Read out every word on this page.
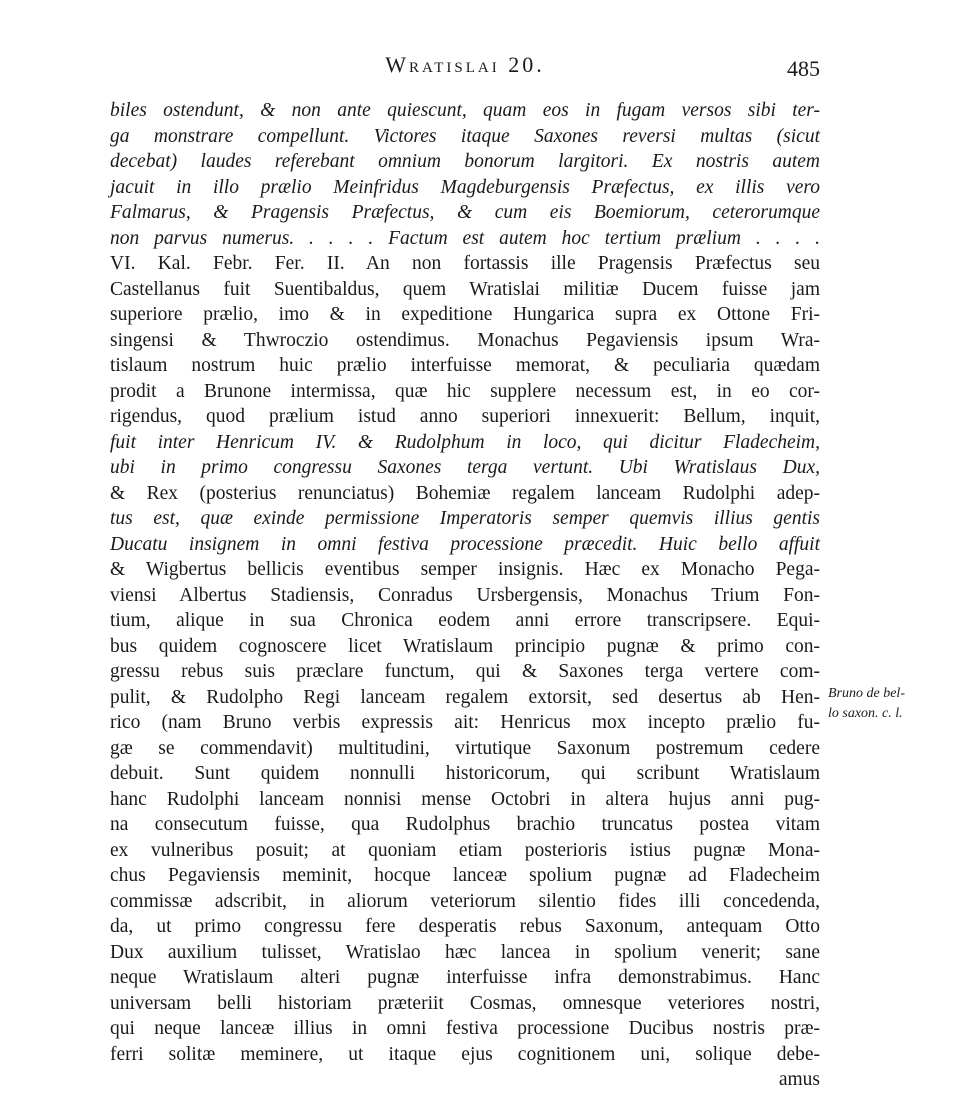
Wratislai 20.	485
biles ostendunt, & non ante quiescunt, quam eos in fugam versos sibi ter-
ga monstrare compellunt. Victores itaque Saxones reversi multas (sicut
decebat) laudes referebant omnium bonorum largitori. Ex nostris autem
jacuit in illo prælio Meinfridus Magdeburgensis Præfectus, ex illis vero
Falmarus, & Pragensis Præfectus, & cum eis Boemiorum, ceterorumque
non parvus numerus. . . . . Factum est autem hoc tertium prælium . . . .
VI. Kal. Febr. Fer. II. An non fortassis ille Pragensis Præfectus seu
Castellanus fuit Suentibaldus, quem Wratislai militiæ Ducem fuisse jam
superiore prælio, imo & in expeditione Hungarica supra ex Ottone Fri-
singensi & Thwroczio ostendimus. Monachus Pegaviensis ipsum Wra-
tislaum nostrum huic prælio interfuisse memorat, & peculiaria quædam
prodit a Brunone intermissa, quæ hic supplere necessum est, in eo cor-
rigendus, quod prælium istud anno superiori innexuerit: Bellum, inquit,
fuit inter Henricum IV. & Rudolphum in loco, qui dicitur Fladecheim,
ubi in primo congressu Saxones terga vertunt. Ubi Wratislaus Dux,
& Rex (posterius renunciatus) Bohemiæ regalem lanceam Rudolphi adep-
tus est, quæ exinde permissione Imperatoris semper quemvis illius gentis
Ducatu insignem in omni festiva processione præcedit. Huic bello affuit
& Wigbertus bellicis eventibus semper insignis. Hæc ex Monacho Pega-
viensi Albertus Stadiensis, Conradus Ursbergensis, Monachus Trium Fon-
tium, alique in sua Chronica eodem anni errore transcripsere. Equi-
bus quidem cognoscere licet Wratislaum principio pugnæ & primo con-
gressu rebus suis præclare functum, qui & Saxones terga vertere com-
pulit, & Rudolpho Regi lanceam regalem extorsit, sed desertus ab Hen-
rico (nam Bruno verbis expressis ait: Henricus mox incepto prælio fu-
gæ se commendavit) multitudini, virtutique Saxonum postremum cedere
debuit. Sunt quidem nonnulli historicorum, qui scribunt Wratislaum
hanc Rudolphi lanceam nonnisi mense Octobri in altera hujus anni pug-
na consecutum fuisse, qua Rudolphus brachio truncatus postea vitam
ex vulneribus posuit; at quoniam etiam posterioris istius pugnæ Mona-
chus Pegaviensis meminit, hocque lanceæ spolium pugnæ ad Fladecheim
commissæ adscribit, in aliorum veteriorum silentio fides illi concedenda,
da, ut primo congressu fere desperatis rebus Saxonum, antequam Otto
Dux auxilium tulisset, Wratislao hæc lancea in spolium venerit; sane
neque Wratislaum alteri pugnæ interfuisse infra demonstrabimus. Hanc
universam belli historiam præteriit Cosmas, omnesque veteriores nostri,
qui neque lanceæ illius in omni festiva processione Ducibus nostris præ-
ferri solitæ meminere, ut itaque ejus cognitionem uni, solique debe-
amus
Bruno de bel-
lo saxon. c. l.
